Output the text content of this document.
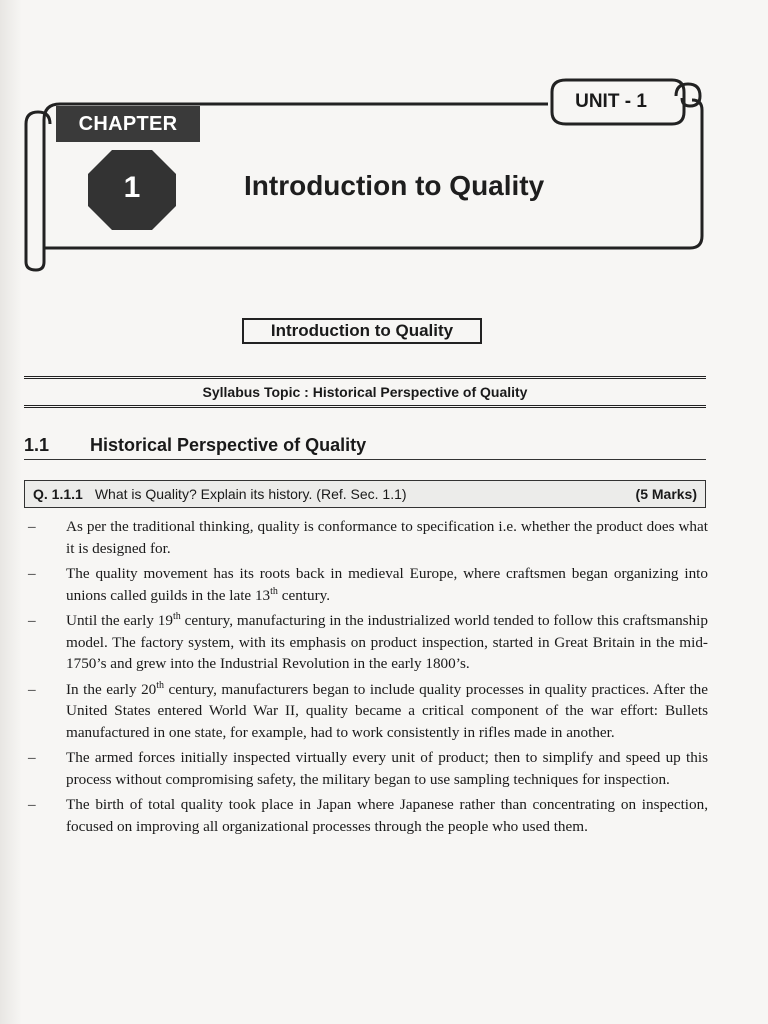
CHAPTER
1	Introduction to Quality
UNIT - 1
Introduction to Quality
Syllabus Topic : Historical Perspective of Quality
1.1	Historical Perspective of Quality
Q. 1.1.1 What is Quality? Explain its history. (Ref. Sec. 1.1)	(5 Marks)
–	As per the traditional thinking, quality is conformance to specification i.e. whether the product does what it is designed for.
–	The quality movement has its roots back in medieval Europe, where craftsmen began organizing into unions called guilds in the late 13th century.
–	Until the early 19th century, manufacturing in the industrialized world tended to follow this craftsmanship model. The factory system, with its emphasis on product inspection, started in Great Britain in the mid-1750’s and grew into the Industrial Revolution in the early 1800’s.
–	In the early 20th century, manufacturers began to include quality processes in quality practices. After the United States entered World War II, quality became a critical component of the war effort: Bullets manufactured in one state, for example, had to work consistently in rifles made in another.
–	The armed forces initially inspected virtually every unit of product; then to simplify and speed up this process without compromising safety, the military began to use sampling techniques for inspection.
–	The birth of total quality took place in Japan where Japanese rather than concentrating on inspection, focused on improving all organizational processes through the people who used them.
